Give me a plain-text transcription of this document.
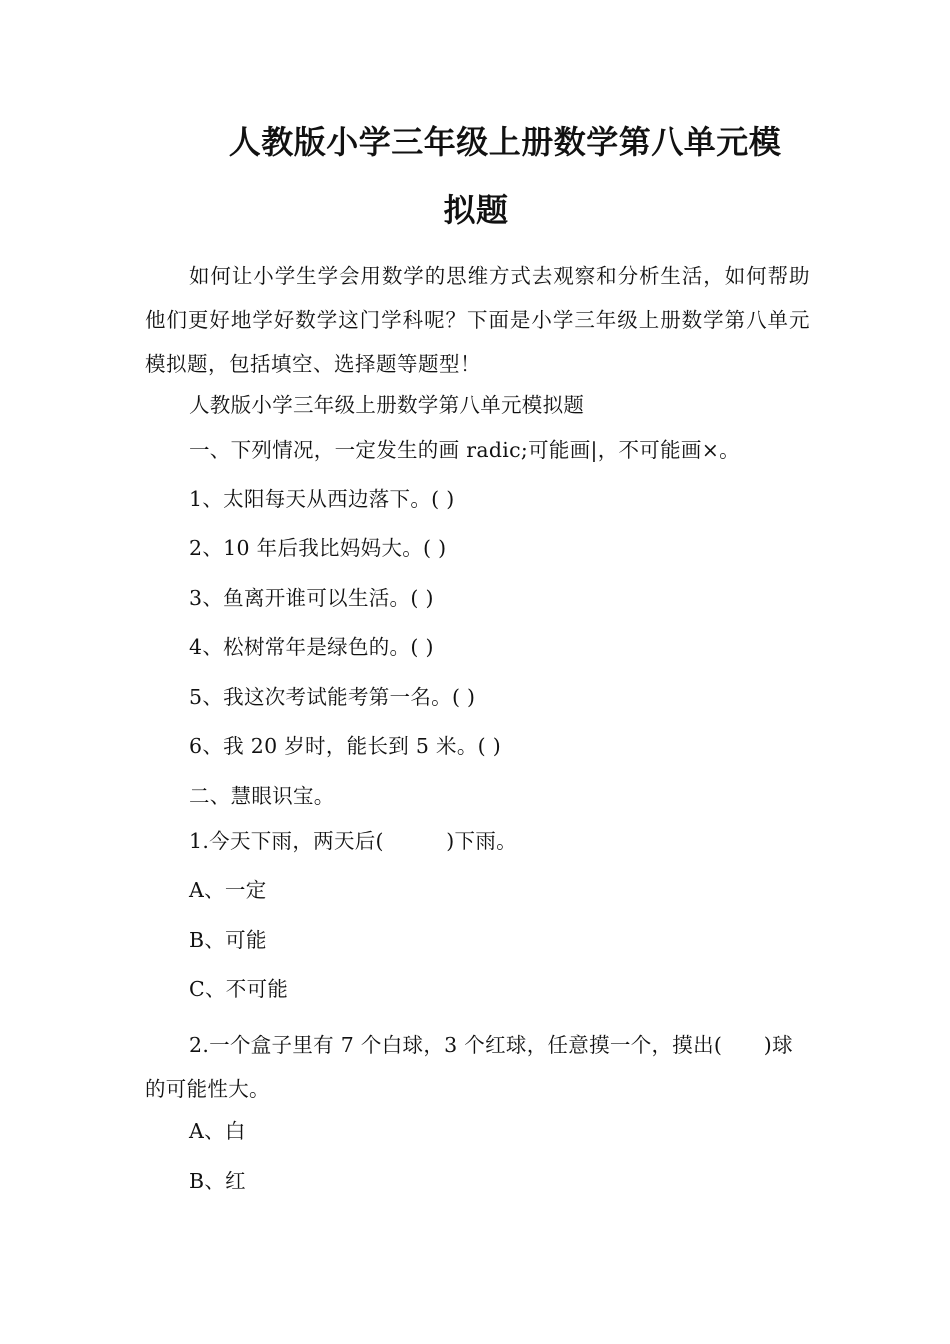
人教版小学三年级上册数学第八单元模
拟题
如何让小学生学会用数学的思维方式去观察和分析生活，如何帮助他们更好地学好数学这门学科呢？下面是小学三年级上册数学第八单元模拟题，包括填空、选择题等题型！
人教版小学三年级上册数学第八单元模拟题
一、下列情况，一定发生的画 radic;可能画|，不可能画×。
1、太阳每天从西边落下。( )
2、10 年后我比妈妈大。( )
3、鱼离开谁可以生活。( )
4、松树常年是绿色的。( )
5、我这次考试能考第一名。( )
6、我 20 岁时，能长到 5 米。( )
二、慧眼识宝。
1.今天下雨，两天后(　　　)下雨。
A、一定
B、可能
C、不可能
2.一个盒子里有 7 个白球，3 个红球，任意摸一个，摸出(　　)球的可能性大。
A、白
B、红
